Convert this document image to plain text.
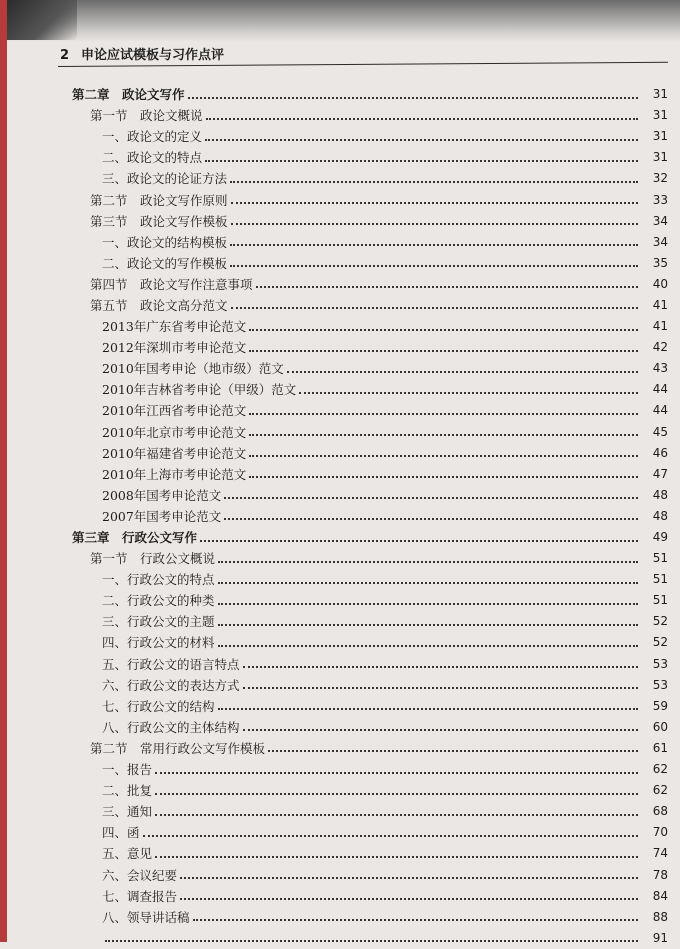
2 申论应试模板与习作点评
第二章　政论文写作	31
第一节　政论文概说	31
一、政论文的定义	31
二、政论文的特点	31
三、政论文的论证方法	32
第二节　政论文写作原则	33
第三节　政论文写作模板	34
一、政论文的结构模板	34
二、政论文的写作模板	35
第四节　政论文写作注意事项	40
第五节　政论文高分范文	41
2013年广东省考申论范文	41
2012年深圳市考申论范文	42
2010年国考申论（地市级）范文	43
2010年吉林省考申论（甲级）范文	44
2010年江西省考申论范文	44
2010年北京市考申论范文	45
2010年福建省考申论范文	46
2010年上海市考申论范文	47
2008年国考申论范文	48
2007年国考申论范文	48
第三章　行政公文写作	49
第一节　行政公文概说	51
一、行政公文的特点	51
二、行政公文的种类	51
三、行政公文的主题	52
四、行政公文的材料	52
五、行政公文的语言特点	53
六、行政公文的表达方式	53
七、行政公文的结构	59
八、行政公文的主体结构	60
第二节　常用行政公文写作模板	61
一、报告	62
二、批复	62
三、通知	68
四、函	70
五、意见	74
六、会议纪要	78
七、调查报告	84
八、领导讲话稿	88
91
